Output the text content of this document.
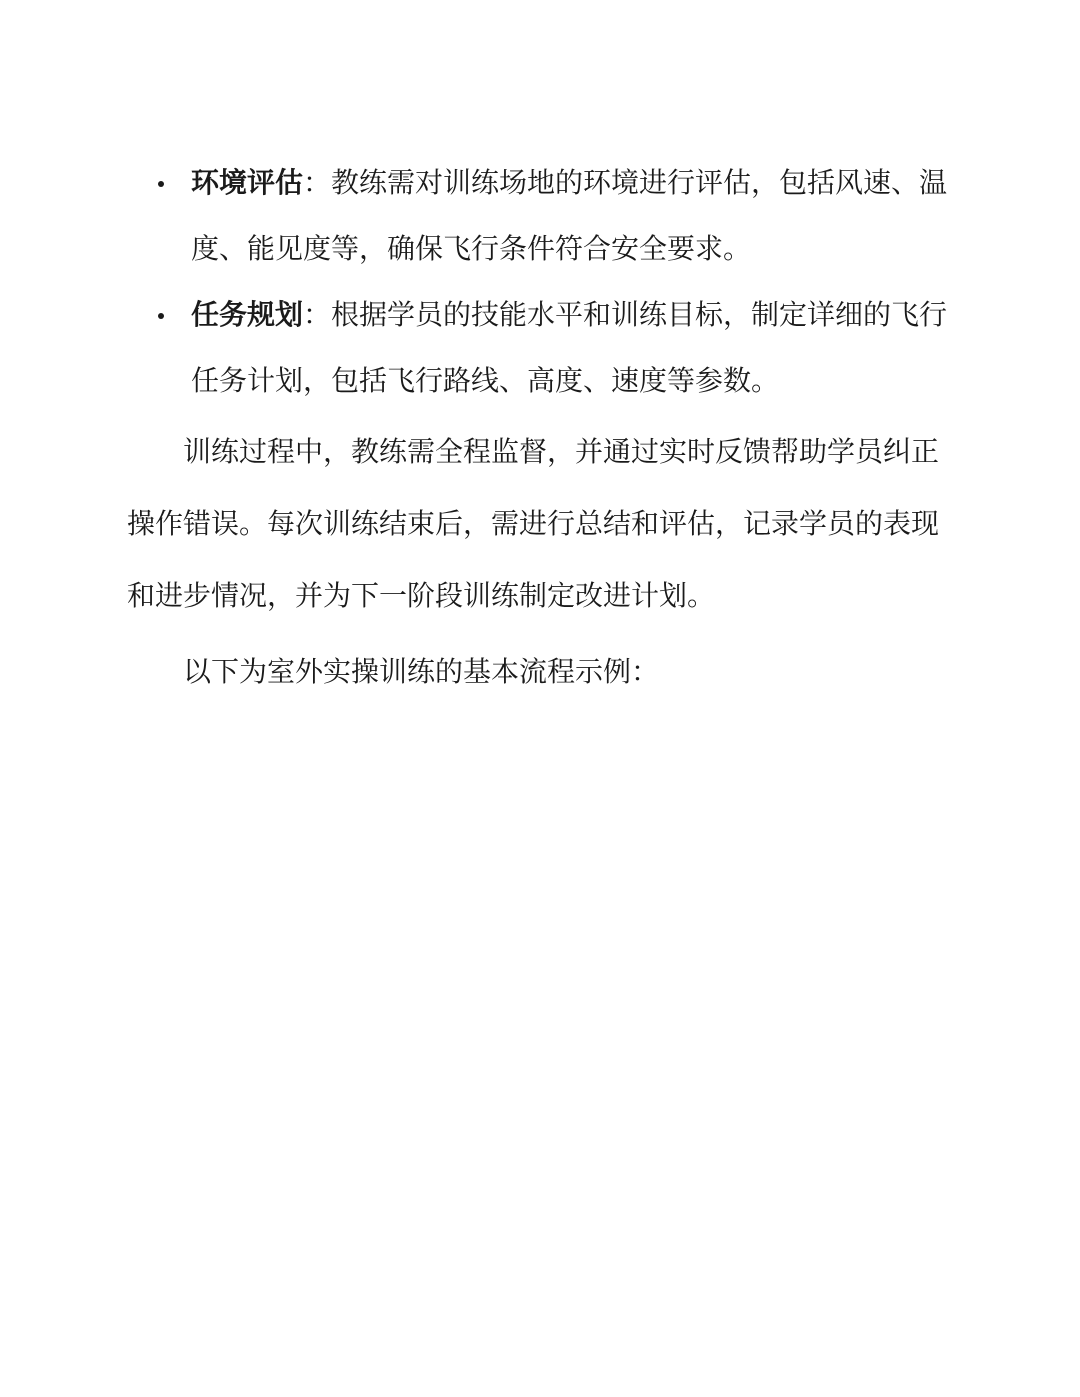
环境评估：教练需对训练场地的环境进行评估，包括风速、温度、能见度等，确保飞行条件符合安全要求。
任务规划：根据学员的技能水平和训练目标，制定详细的飞行任务计划，包括飞行路线、高度、速度等参数。

训练过程中，教练需全程监督，并通过实时反馈帮助学员纠正操作错误。每次训练结束后，需进行总结和评估，记录学员的表现和进步情况，并为下一阶段训练制定改进计划。

以下为室外实操训练的基本流程示例：
